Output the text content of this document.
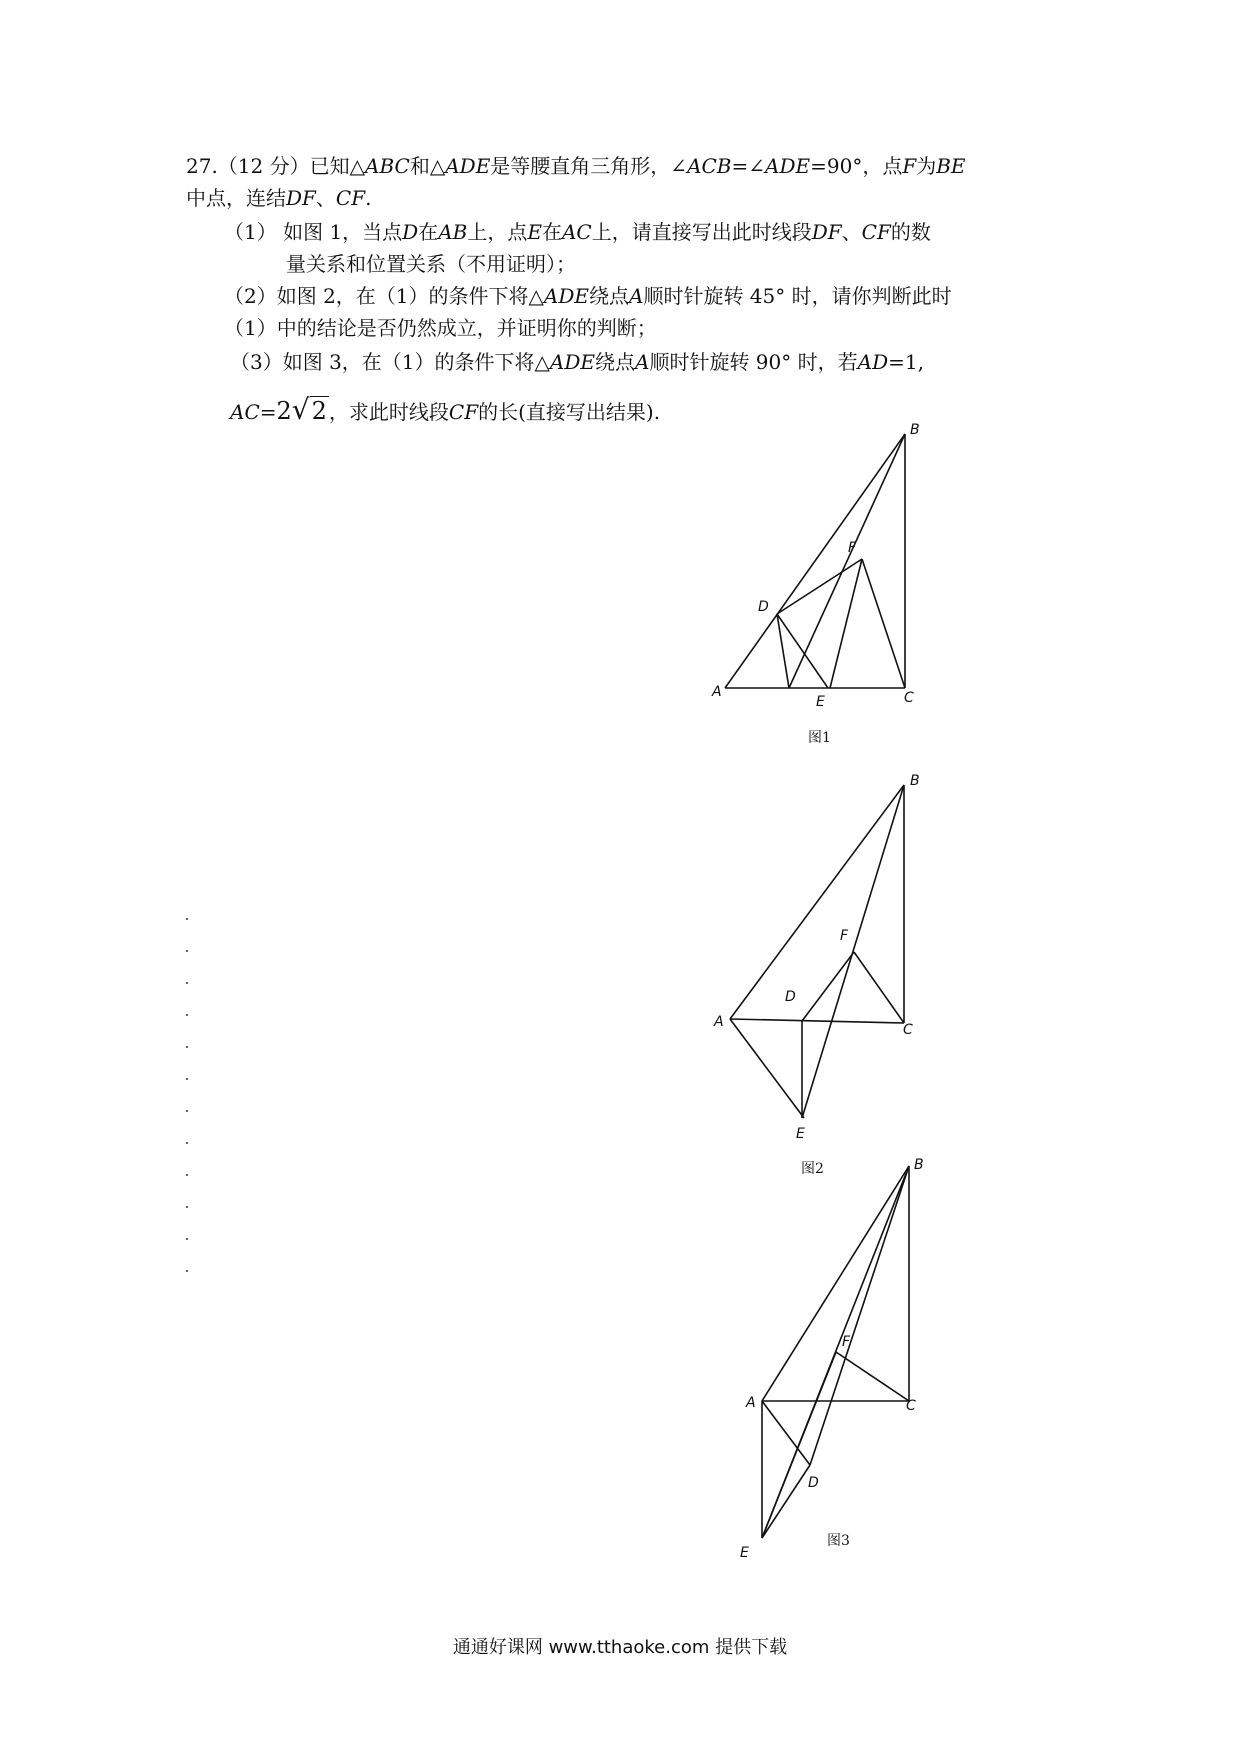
27.（12 分）已知△ABC和△ADE是等腰直角三角形，∠ACB=∠ADE=90°，点F为BE
中点，连结DF、CF.
（1） 如图 1，当点D在AB上，点E在AC上，请直接写出此时线段DF、CF的数
量关系和位置关系（不用证明）；
（2）如图 2，在（1）的条件下将△ADE绕点A顺时针旋转 45° 时，请你判断此时
（1）中的结论是否仍然成立，并证明你的判断；
（3）如图 3，在（1）的条件下将△ADE绕点A顺时针旋转 90° 时，若AD=1,
AC=2√2 ，求此时线段CF的长(直接写出结果).
A
B
C
D
E
F
A
B
C
D
E
F
A
B
C
D
E
F
图1
图2
图3
通通好课网 www.tthaoke.com 提供下载
